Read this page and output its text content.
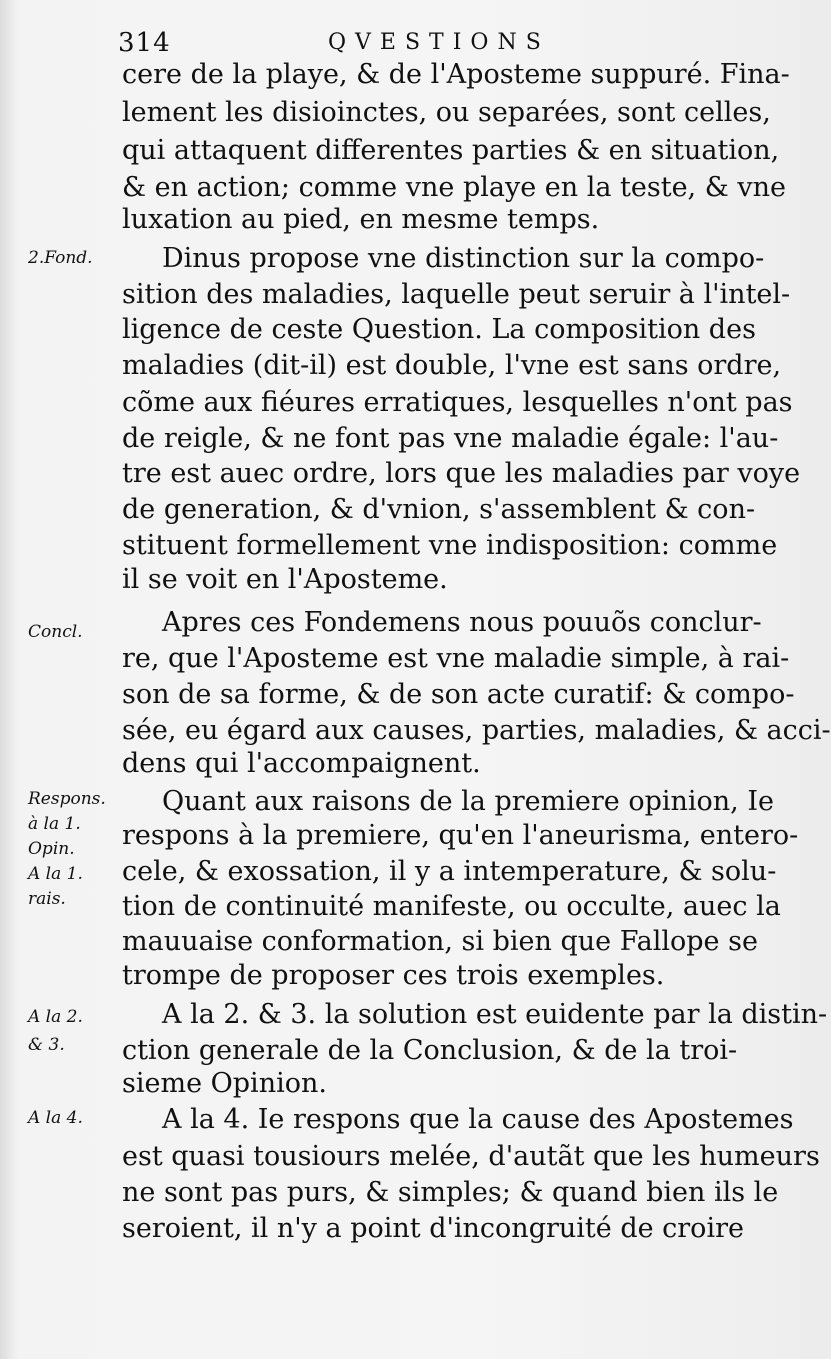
314	QVESTIONS
2.Fond.
Concl.
Respons.
à la 1.
Opin.
A la 1.
rais.
A la 2.
& 3.
A la 4.
cere de la playe, & de l'Aposteme suppuré. Fina-
lement les disioinctes, ou separées, sont celles,
qui attaquent differentes parties & en situation,
& en action; comme vne playe en la teste, & vne
luxation au pied, en mesme temps.
Dinus propose vne distinction sur la compo-
sition des maladies, laquelle peut seruir à l'intel-
ligence de ceste Question. La composition des
maladies (dit-il) est double, l'vne est sans ordre,
cõme aux fiéures erratiques, lesquelles n'ont pas
de reigle, & ne font pas vne maladie égale: l'au-
tre est auec ordre, lors que les maladies par voye
de generation, & d'vnion, s'assemblent & con-
stituent formellement vne indisposition: comme
il se voit en l'Aposteme.
Apres ces Fondemens nous pouuõs conclur-
re, que l'Aposteme est vne maladie simple, à rai-
son de sa forme, & de son acte curatif: & compo-
sée, eu égard aux causes, parties, maladies, & acci-
dens qui l'accompaignent.
Quant aux raisons de la premiere opinion, Ie
respons à la premiere, qu'en l'aneurisma, entero-
cele, & exossation, il y a intemperature, & solu-
tion de continuité manifeste, ou occulte, auec la
mauuaise conformation, si bien que Fallope se
trompe de proposer ces trois exemples.
A la 2. & 3. la solution est euidente par la distin-
ction generale de la Conclusion, & de la troi-
sieme Opinion.
A la 4. Ie respons que la cause des Apostemes
est quasi tousiours melée, d'autãt que les humeurs
ne sont pas purs, & simples; & quand bien ils le
seroient, il n'y a point d'incongruité de croire
